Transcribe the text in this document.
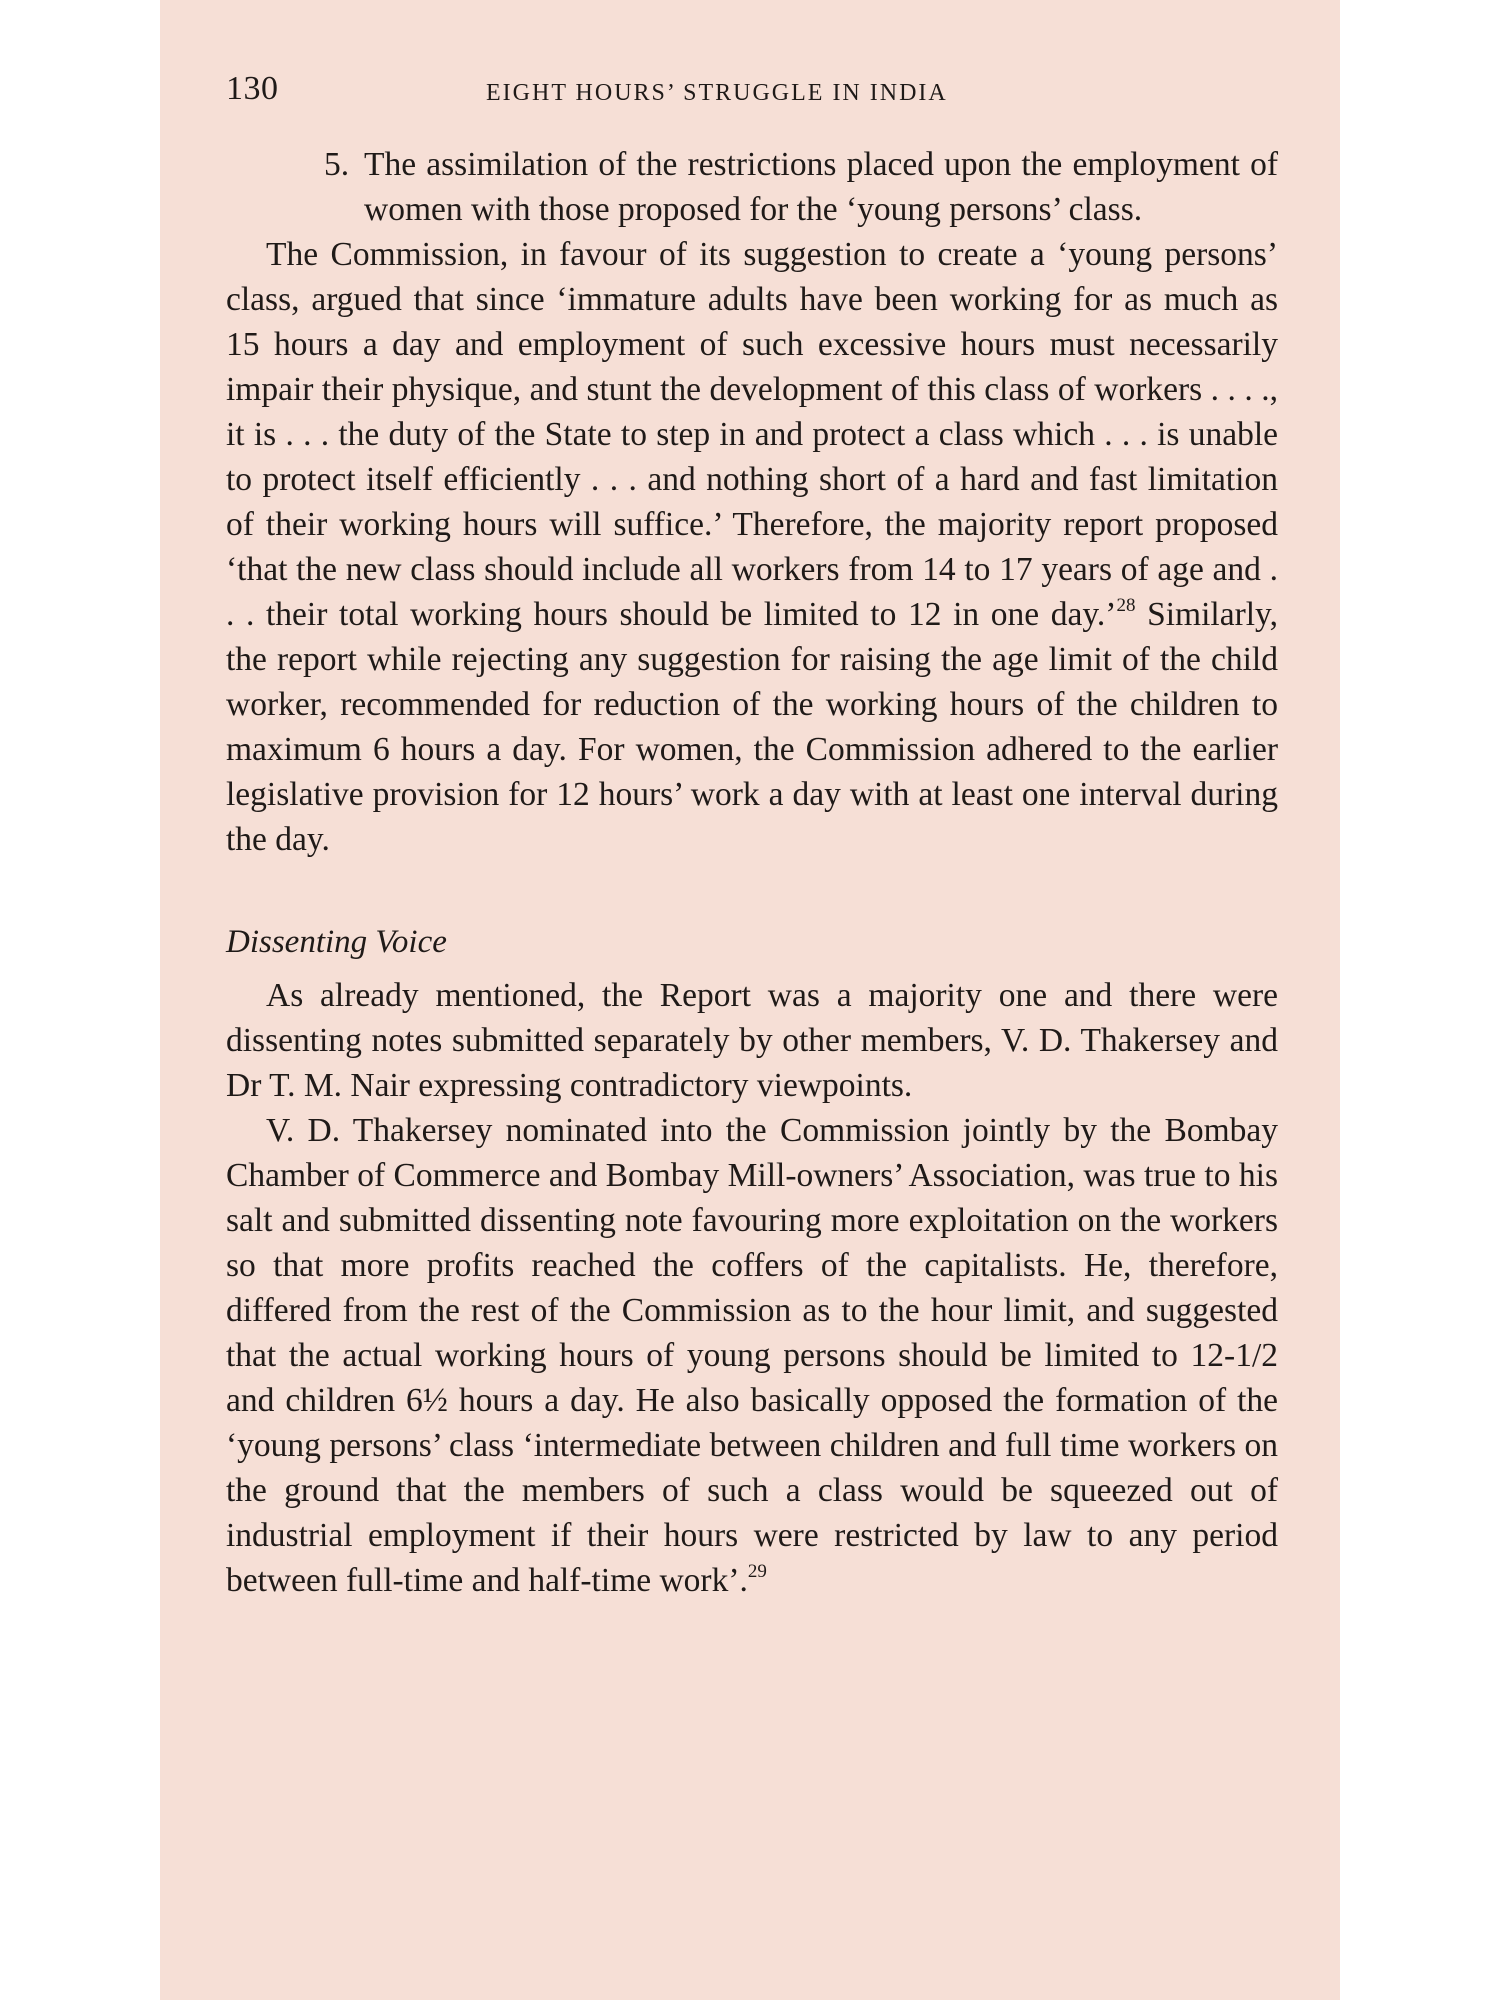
130	EIGHT HOURS’ STRUGGLE IN INDIA

5. The assimilation of the restrictions placed upon the employment of women with those proposed for the ‘young persons’ class.

The Commission, in favour of its suggestion to create a ‘young persons’ class, argued that since ‘immature adults have been working for as much as 15 hours a day and employment of such excessive hours must necessarily impair their physique, and stunt the development of this class of workers . . . ., it is . . . the duty of the State to step in and protect a class which . . . is unable to protect itself efficiently . . . and nothing short of a hard and fast limitation of their working hours will suffice.’ Therefore, the majority report proposed ‘that the new class should include all workers from 14 to 17 years of age and . . . their total working hours should be limited to 12 in one day.’$^{28}$ Similarly, the report while rejecting any suggestion for raising the age limit of the child worker, recommended for reduction of the working hours of the children to maximum 6 hours a day. For women, the Commission adhered to the earlier legislative provision for 12 hours’ work a day with at least one interval during the day.

Dissenting Voice

As already mentioned, the Report was a majority one and there were dissenting notes submitted separately by other members, V. D. Thakersey and Dr T. M. Nair expressing contradictory viewpoints.

V. D. Thakersey nominated into the Commission jointly by the Bombay Chamber of Commerce and Bombay Mill-owners’ Association, was true to his salt and submitted dissenting note favouring more exploitation on the workers so that more profits reached the coffers of the capitalists. He, therefore, differed from the rest of the Commission as to the hour limit, and suggested that the actual working hours of young persons should be limited to 12-1/2 and children 6½ hours a day. He also basically opposed the formation of the ‘young persons’ class ‘intermediate between children and full time workers on the ground that the members of such a class would be squeezed out of industrial employment if their hours were restricted by law to any period between full-time and half-time work’.$^{29}$
